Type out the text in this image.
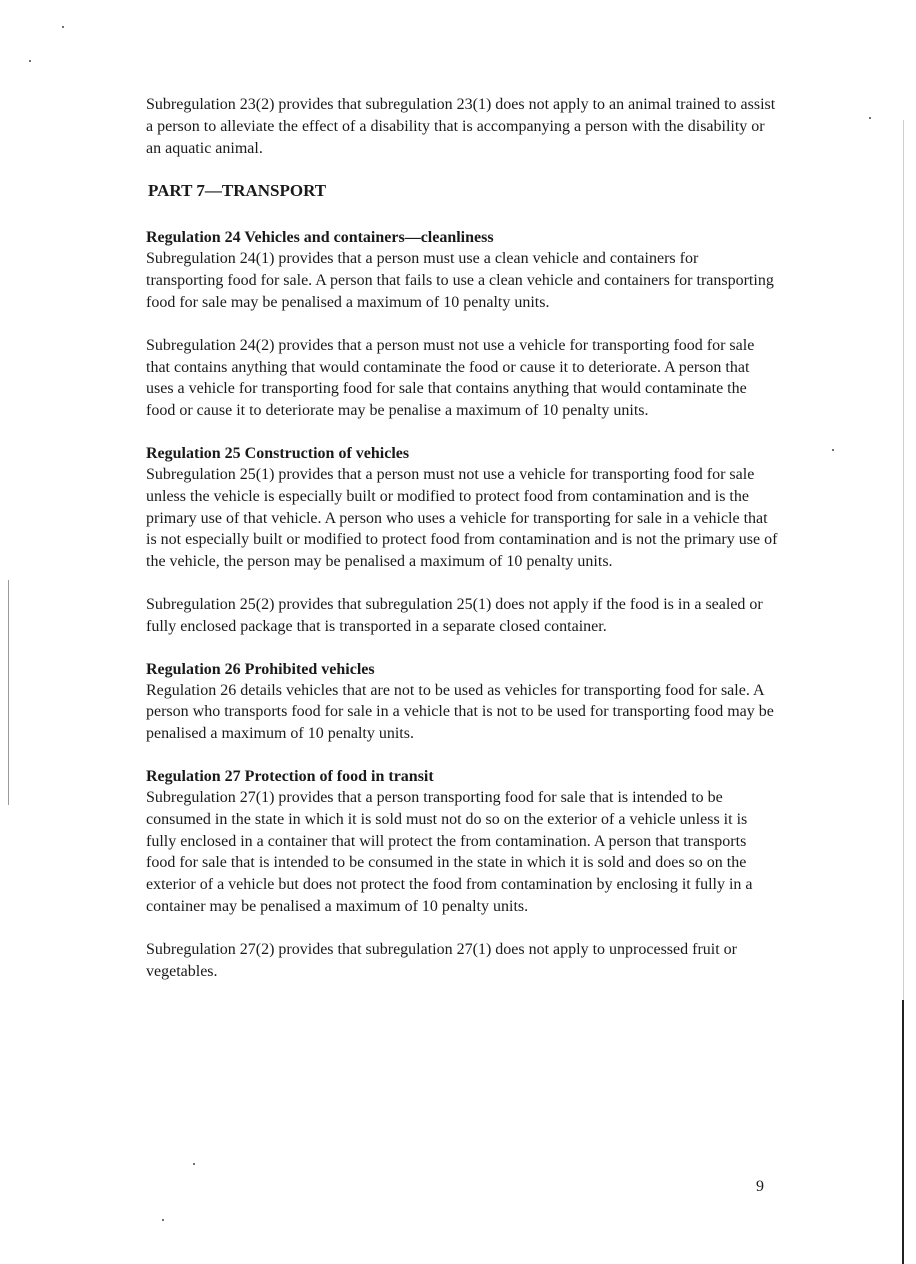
Subregulation 23(2) provides that subregulation 23(1) does not apply to an animal trained to assist a person to alleviate the effect of a disability that is accompanying a person with the disability or an aquatic animal.

PART 7—TRANSPORT

Regulation 24 Vehicles and containers—cleanliness

Subregulation 24(1) provides that a person must use a clean vehicle and containers for transporting food for sale. A person that fails to use a clean vehicle and containers for transporting food for sale may be penalised a maximum of 10 penalty units.

Subregulation 24(2) provides that a person must not use a vehicle for transporting food for sale that contains anything that would contaminate the food or cause it to deteriorate. A person that uses a vehicle for transporting food for sale that contains anything that would contaminate the food or cause it to deteriorate may be penalise a maximum of 10 penalty units.

Regulation 25 Construction of vehicles

Subregulation 25(1) provides that a person must not use a vehicle for transporting food for sale unless the vehicle is especially built or modified to protect food from contamination and is the primary use of that vehicle. A person who uses a vehicle for transporting for sale in a vehicle that is not especially built or modified to protect food from contamination and is not the primary use of the vehicle, the person may be penalised a maximum of 10 penalty units.

Subregulation 25(2) provides that subregulation 25(1) does not apply if the food is in a sealed or fully enclosed package that is transported in a separate closed container.

Regulation 26 Prohibited vehicles

Regulation 26 details vehicles that are not to be used as vehicles for transporting food for sale. A person who transports food for sale in a vehicle that is not to be used for transporting food may be penalised a maximum of 10 penalty units.

Regulation 27 Protection of food in transit

Subregulation 27(1) provides that a person transporting food for sale that is intended to be consumed in the state in which it is sold must not do so on the exterior of a vehicle unless it is fully enclosed in a container that will protect the from contamination. A person that transports food for sale that is intended to be consumed in the state in which it is sold and does so on the exterior of a vehicle but does not protect the food from contamination by enclosing it fully in a container may be penalised a maximum of 10 penalty units.

Subregulation 27(2) provides that subregulation 27(1) does not apply to unprocessed fruit or vegetables.

9
